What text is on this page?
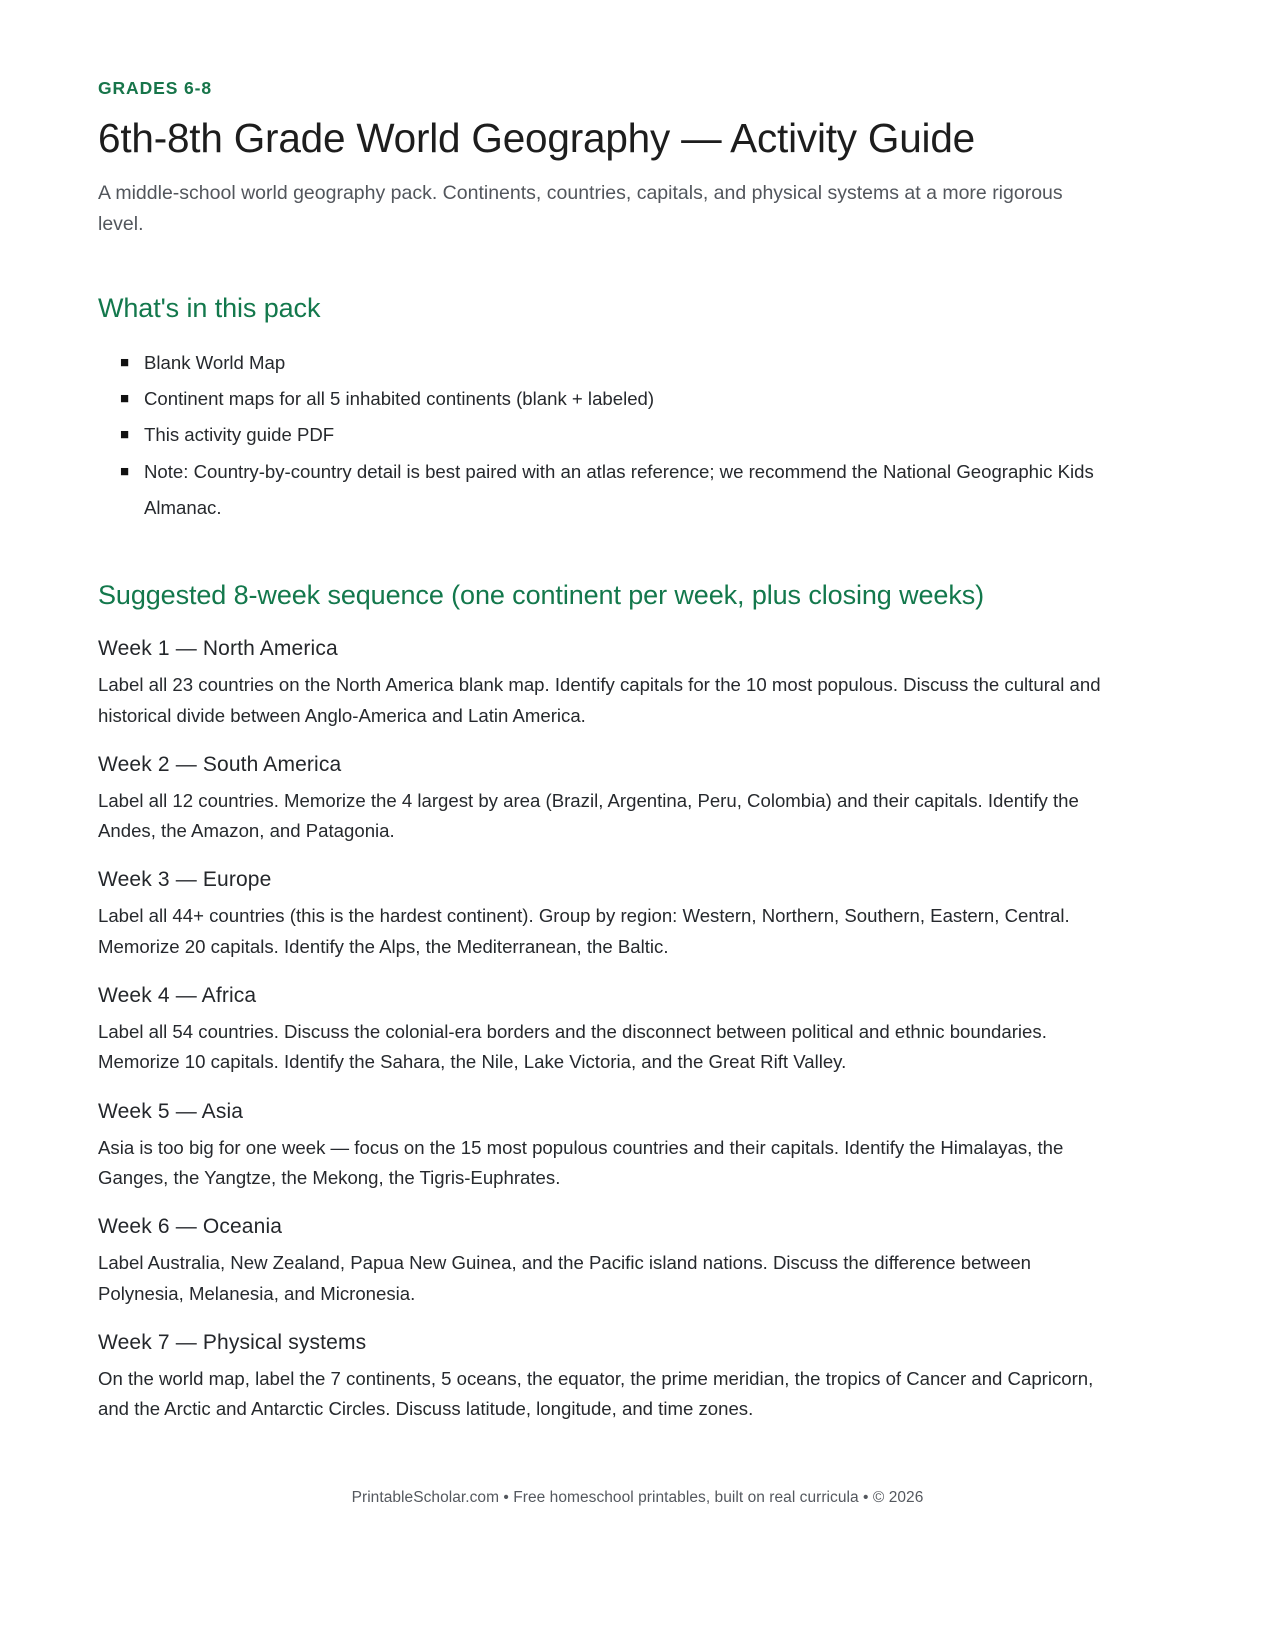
GRADES 6-8
6th-8th Grade World Geography — Activity Guide

A middle-school world geography pack. Continents, countries, capitals, and physical systems at a more rigorous level.

What's in this pack
■ Blank World Map
■ Continent maps for all 5 inhabited continents (blank + labeled)
■ This activity guide PDF
■ Note: Country-by-country detail is best paired with an atlas reference; we recommend the National Geographic Kids Almanac.
Suggested 8-week sequence (one continent per week, plus closing weeks)
Week 1 — North America

Label all 23 countries on the North America blank map. Identify capitals for the 10 most populous. Discuss the cultural and historical divide between Anglo-America and Latin America.

Week 2 — South America

Label all 12 countries. Memorize the 4 largest by area (Brazil, Argentina, Peru, Colombia) and their capitals. Identify the Andes, the Amazon, and Patagonia.

Week 3 — Europe

Label all 44+ countries (this is the hardest continent). Group by region: Western, Northern, Southern, Eastern, Central. Memorize 20 capitals. Identify the Alps, the Mediterranean, the Baltic.

Week 4 — Africa

Label all 54 countries. Discuss the colonial-era borders and the disconnect between political and ethnic boundaries. Memorize 10 capitals. Identify the Sahara, the Nile, Lake Victoria, and the Great Rift Valley.

Week 5 — Asia

Asia is too big for one week — focus on the 15 most populous countries and their capitals. Identify the Himalayas, the Ganges, the Yangtze, the Mekong, the Tigris-Euphrates.

Week 6 — Oceania

Label Australia, New Zealand, Papua New Guinea, and the Pacific island nations. Discuss the difference between Polynesia, Melanesia, and Micronesia.

Week 7 — Physical systems

On the world map, label the 7 continents, 5 oceans, the equator, the prime meridian, the tropics of Cancer and Capricorn, and the Arctic and Antarctic Circles. Discuss latitude, longitude, and time zones.

PrintableScholar.com • Free homeschool printables, built on real curricula • © 2026
